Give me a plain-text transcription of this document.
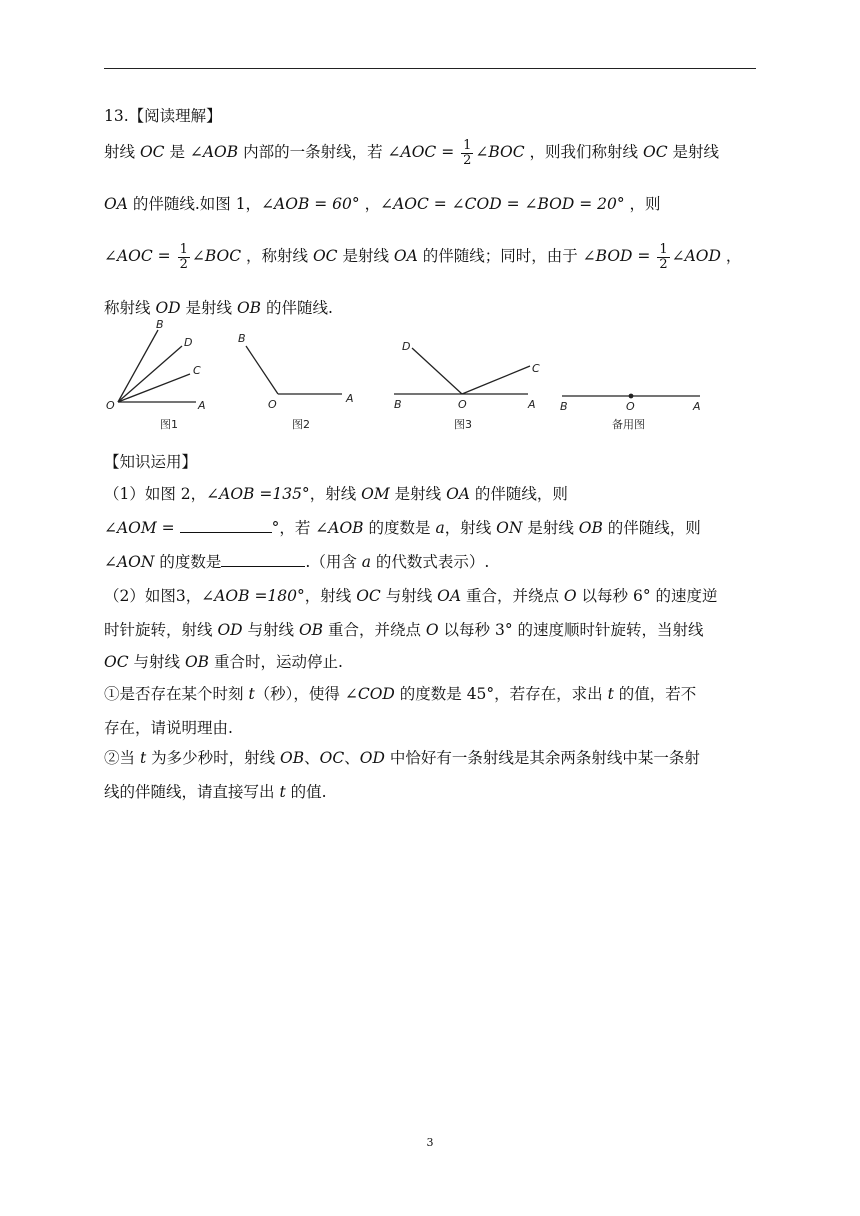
13.【阅读理解】
射线 OC 是 ∠AOB 内部的一条射线，若 ∠AOC = $\frac{1}{2}$ ∠BOC ，则我们称射线 OC 是射线
OA 的伴随线.如图 1，∠AOB = 60° ，∠AOC = ∠COD = ∠BOD = 20° ，则
∠AOC = $\frac{1}{2}$ ∠BOC ，称射线 OC 是射线 OA 的伴随线；同时，由于 ∠BOD = $\frac{1}{2}$ ∠AOD ，
称射线 OD 是射线 OB 的伴随线.
B
D
C
O	A
图1
B
O	A
图2
D
C
B	O	A
图3
B	O	A
备用图
【知识运用】
（1）如图 2，∠AOB =135°，射线 OM 是射线 OA 的伴随线，则
∠AOM =	°，若 ∠AOB 的度数是 a，射线 ON 是射线 OB 的伴随线，则
∠AON 的度数是	.（用含 a 的代数式表示）.
（2）如图3，∠AOB =180°，射线 OC 与射线 OA 重合，并绕点 O 以每秒 6° 的速度逆
时针旋转，射线 OD 与射线 OB 重合，并绕点 O 以每秒 3° 的速度顺时针旋转，当射线
OC 与射线 OB 重合时，运动停止.
①是否存在某个时刻 t（秒），使得 ∠COD 的度数是 45°，若存在，求出 t 的值，若不
存在，请说明理由.
②当 t 为多少秒时，射线 OB、OC、OD 中恰好有一条射线是其余两条射线中某一条射
线的伴随线，请直接写出 t 的值.
3
